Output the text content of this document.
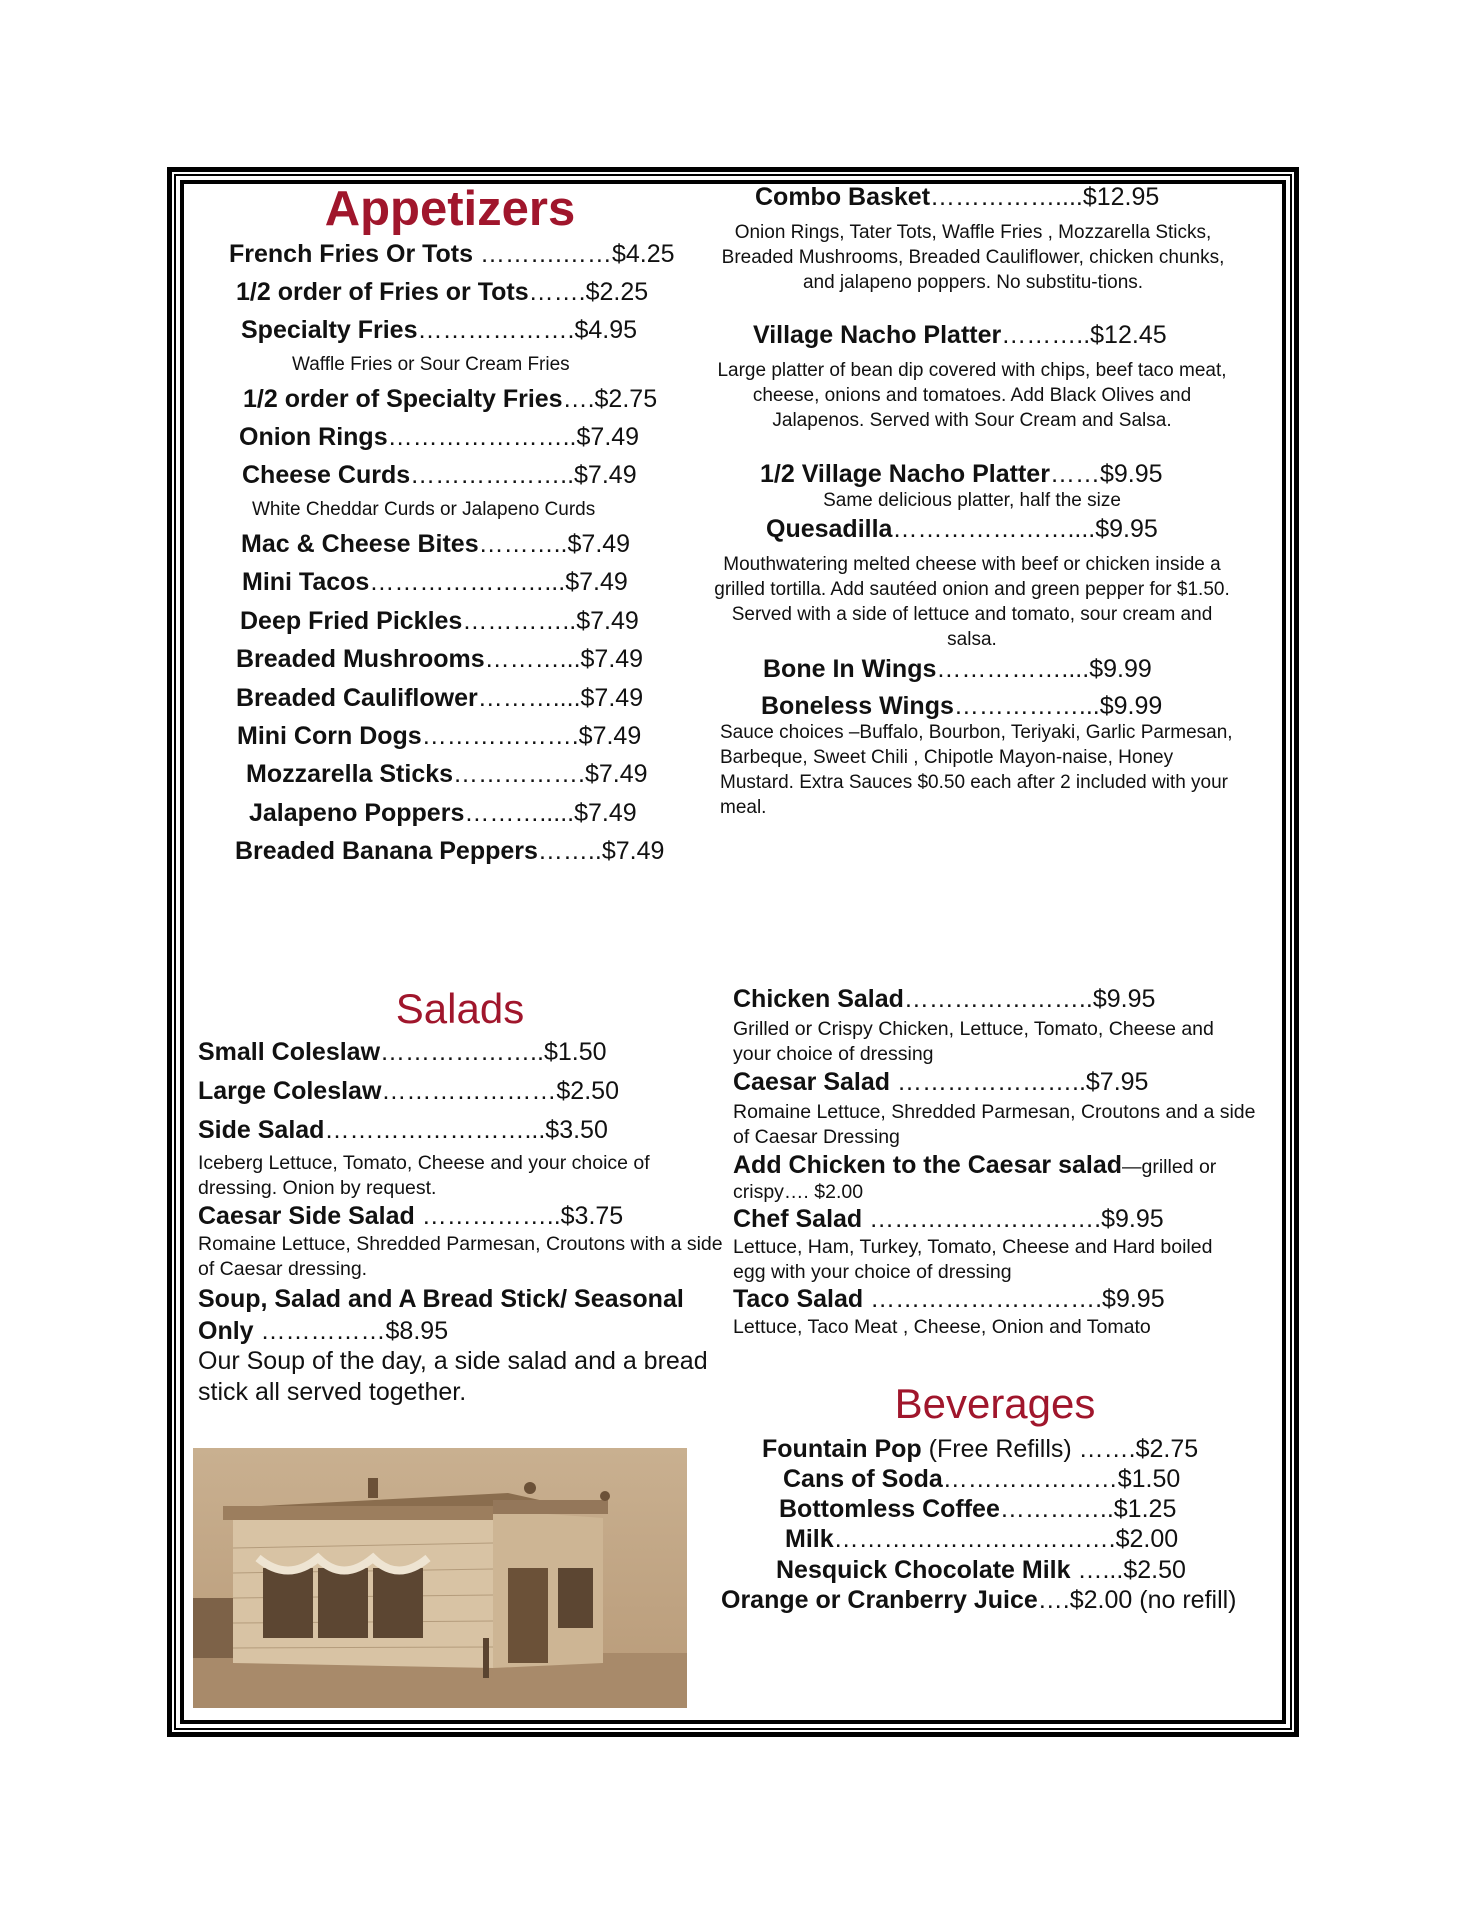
Appetizers
French Fries Or Tots ……….……$4.25
1/2 order of Fries or Tots…….$2.25
Specialty Fries……………….$4.95
Waffle Fries or Sour Cream Fries
1/2 order of Specialty Fries….$2.75
Onion Rings…………………..$7.49
Cheese Curds………………..$7.49
White Cheddar Curds or Jalapeno Curds
Mac & Cheese Bites………..$7.49
Mini Tacos…………………...$7.49
Deep Fried Pickles…………..$7.49
Breaded Mushrooms………...$7.49
Breaded Cauliflower………....$7.49
Mini Corn Dogs……………….$7.49
Mozzarella Sticks…………….$7.49
Jalapeno Poppers……….....$7.49
Breaded Banana Peppers……..$7.49
Combo Basket……………....$12.95
Onion Rings, Tater Tots, Waffle Fries , Mozzarella Sticks, Breaded Mushrooms, Breaded Cauliflower, chicken chunks, and jalapeno poppers. No substitu-tions.
Village Nacho Platter………..$12.45
Large platter of bean dip covered with chips, beef taco meat, cheese, onions and tomatoes. Add Black Olives and Jalapenos. Served with Sour Cream and Salsa.
1/2 Village Nacho Platter……$9.95
Same delicious platter, half the size
Quesadilla…………………....$9.95
Mouthwatering melted cheese with beef or chicken inside a grilled tortilla. Add sautéed onion and green pepper for $1.50. Served with a side of lettuce and tomato, sour cream and salsa.
Bone In Wings……………....$9.99
Boneless Wings……………...$9.99
Sauce choices –Buffalo, Bourbon, Teriyaki, Garlic Parmesan, Barbeque, Sweet Chili , Chipotle Mayon-naise, Honey Mustard. Extra Sauces $0.50 each after 2 included with your meal.
Salads
Small Coleslaw………………..$1.50
Large Coleslaw…………………$2.50
Side Salad……………………...$3.50
Iceberg Lettuce, Tomato, Cheese and your choice of dressing. Onion by request.
Caesar Side Salad ……………..$3.75
Romaine Lettuce, Shredded Parmesan, Croutons with a side of Caesar dressing.
Soup, Salad and A Bread Stick/ Seasonal Only ……………$8.95
Our Soup of the day, a side salad and a bread stick all served together.
Chicken Salad…………………..$9.95
Grilled or Crispy Chicken, Lettuce, Tomato, Cheese and your choice of dressing
Caesar Salad …………………..$7.95
Romaine Lettuce, Shredded Parmesan, Croutons and a side of Caesar Dressing
Add Chicken to the Caesar salad—grilled or
crispy…. $2.00
Chef Salad ……………………….$9.95
Lettuce, Ham, Turkey, Tomato, Cheese and Hard boiled egg with your choice of dressing
Taco Salad ……………………….$9.95
Lettuce, Taco Meat , Cheese, Onion and Tomato
Beverages
Fountain Pop (Free Refills) …….$2.75
Cans of Soda…………………$1.50
Bottomless Coffee…………..$1.25
Milk…………………………….$2.00
Nesquick Chocolate Milk …...$2.50
Orange or Cranberry Juice….$2.00 (no refill)
